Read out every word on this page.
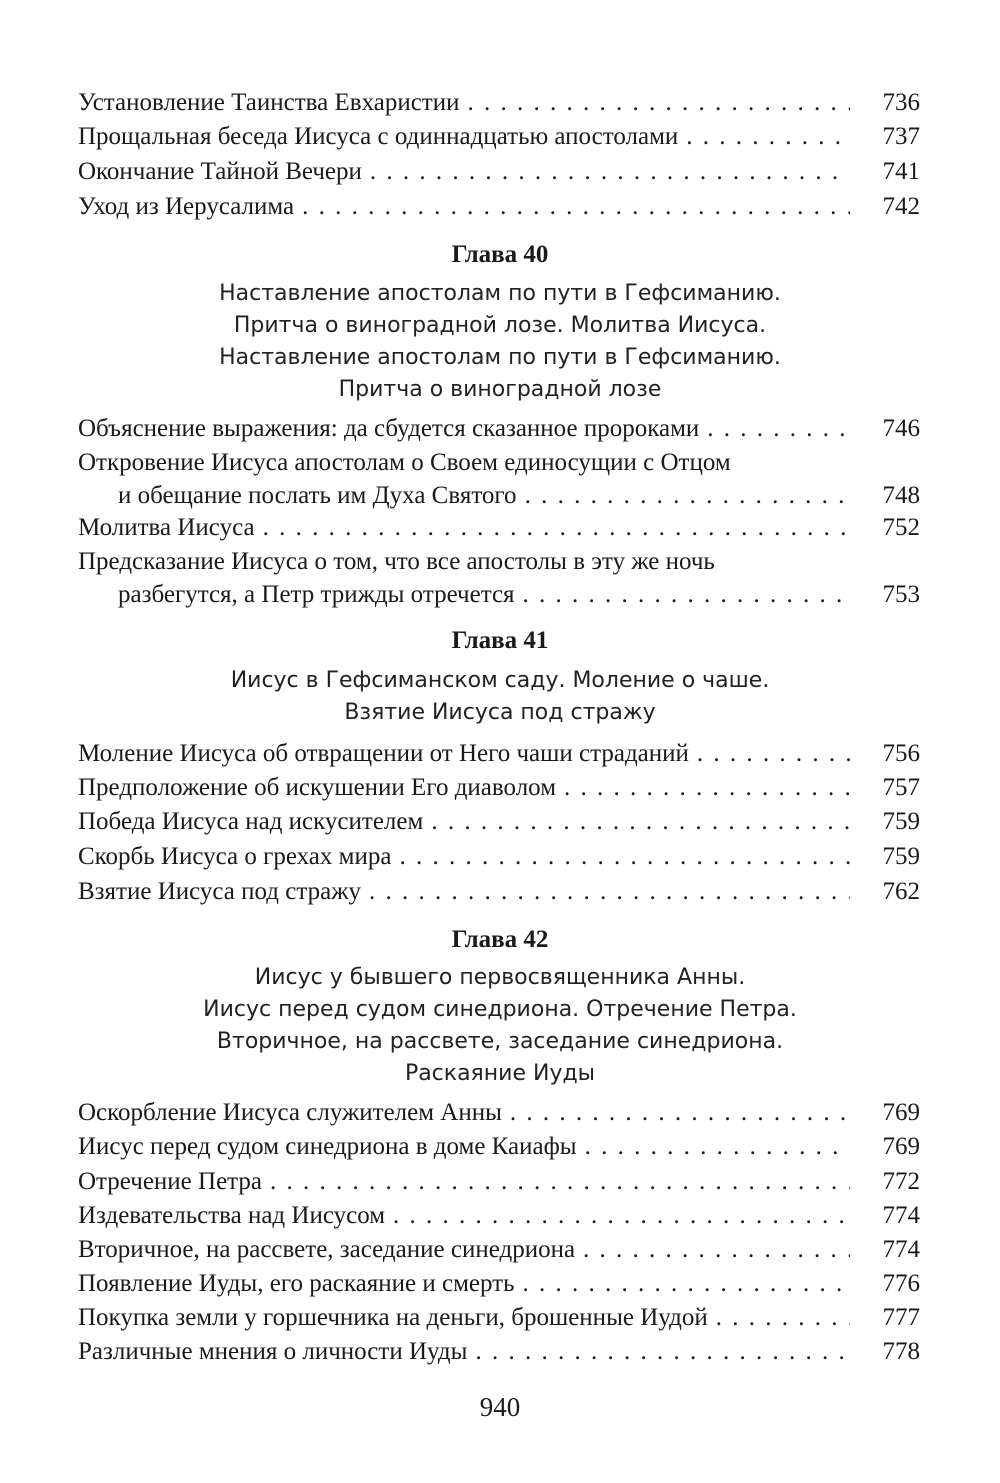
Установление Таинства Евхаристии . . .	736
Прощальная беседа Иисуса с одиннадцатью апостолами . . .	737
Окончание Тайной Вечери . . .	741
Уход из Иерусалима . . .	742
Глава 40
Наставление апостолам по пути в Гефсиманию.
Притча о виноградной лозе. Молитва Иисуса.
Наставление апостолам по пути в Гефсиманию.
Притча о виноградной лозе
Объяснение выражения: да сбудется сказанное пророками . . .	746
Откровение Иисуса апостолам о Своем единосущии с Отцом
и обещание послать им Духа Святого . . .	748
Молитва Иисуса . . .	752
Предсказание Иисуса о том, что все апостолы в эту же ночь
разбегутся, а Петр трижды отречется . . .	753
Глава 41
Иисус в Гефсиманском саду. Моление о чаше.
Взятие Иисуса под стражу
Моление Иисуса об отвращении от Него чаши страданий . . .	756
Предположение об искушении Его диаволом . . .	757
Победа Иисуса над искусителем . . .	759
Скорбь Иисуса о грехах мира . . .	759
Взятие Иисуса под стражу . . .	762
Глава 42
Иисус у бывшего первосвященника Анны.
Иисус перед судом синедриона. Отречение Петра.
Вторичное, на рассвете, заседание синедриона.
Раскаяние Иуды
Оскорбление Иисуса служителем Анны . . .	769
Иисус перед судом синедриона в доме Каиафы . . .	769
Отречение Петра . . .	772
Издевательства над Иисусом . . .	774
Вторичное, на рассвете, заседание синедриона . . .	774
Появление Иуды, его раскаяние и смерть . . .	776
Покупка земли у горшечника на деньги, брошенные Иудой . . .	777
Различные мнения о личности Иуды . . .	778
940
